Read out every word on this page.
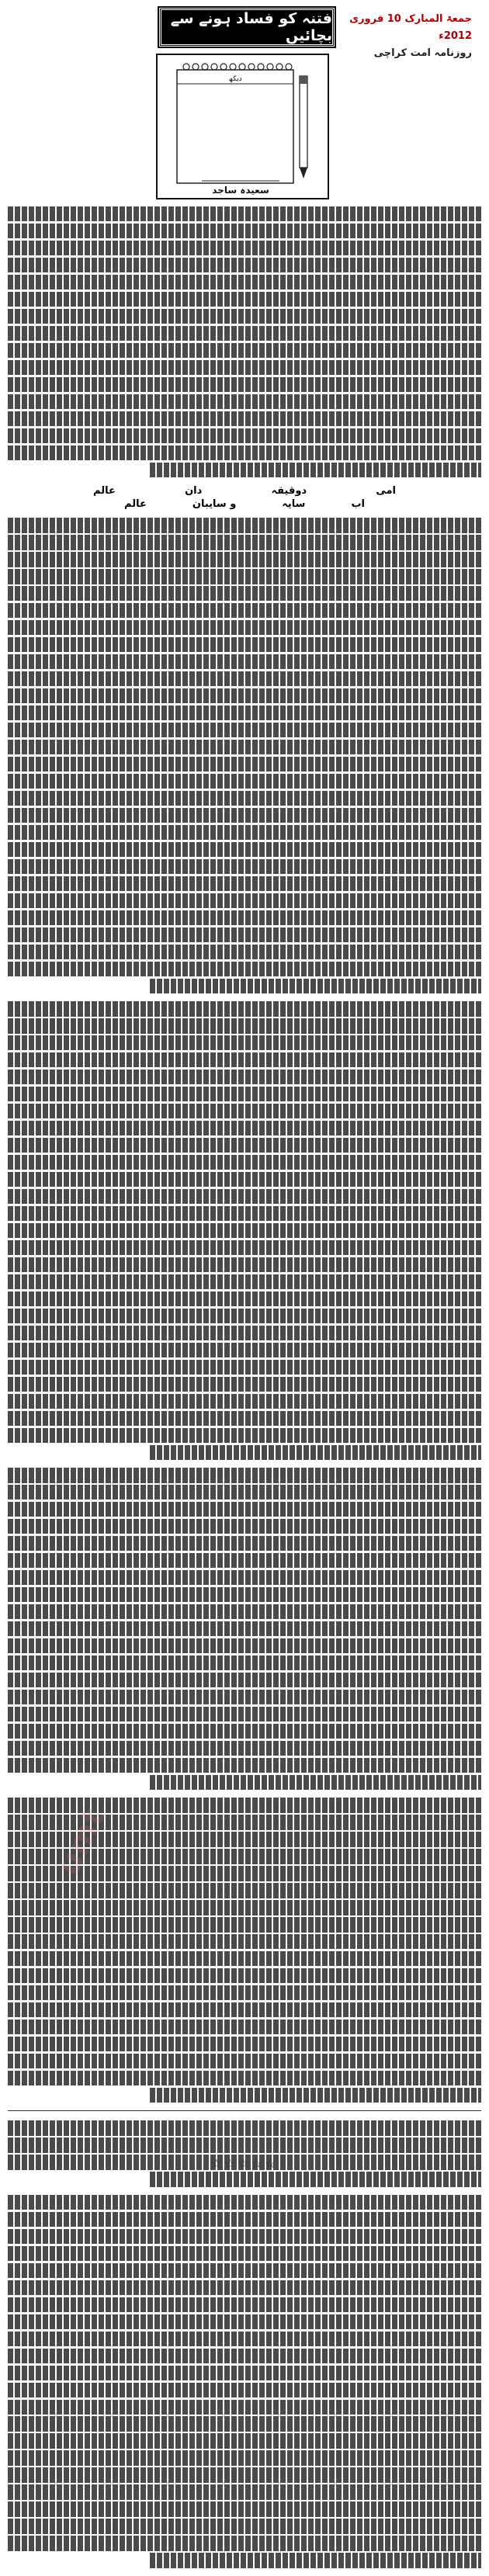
جمعۃ المبارک 10 فروری 2012ء
روزنامہ امت کراچی
فتنہ کو فساد ہونے سے بچائیں
دیکھ
سعیدہ ساجد
امی
دوقیقہ
دان
عالم
اب
سایہ
و سایبان
عالم
umt
☆☆☆☆☆
